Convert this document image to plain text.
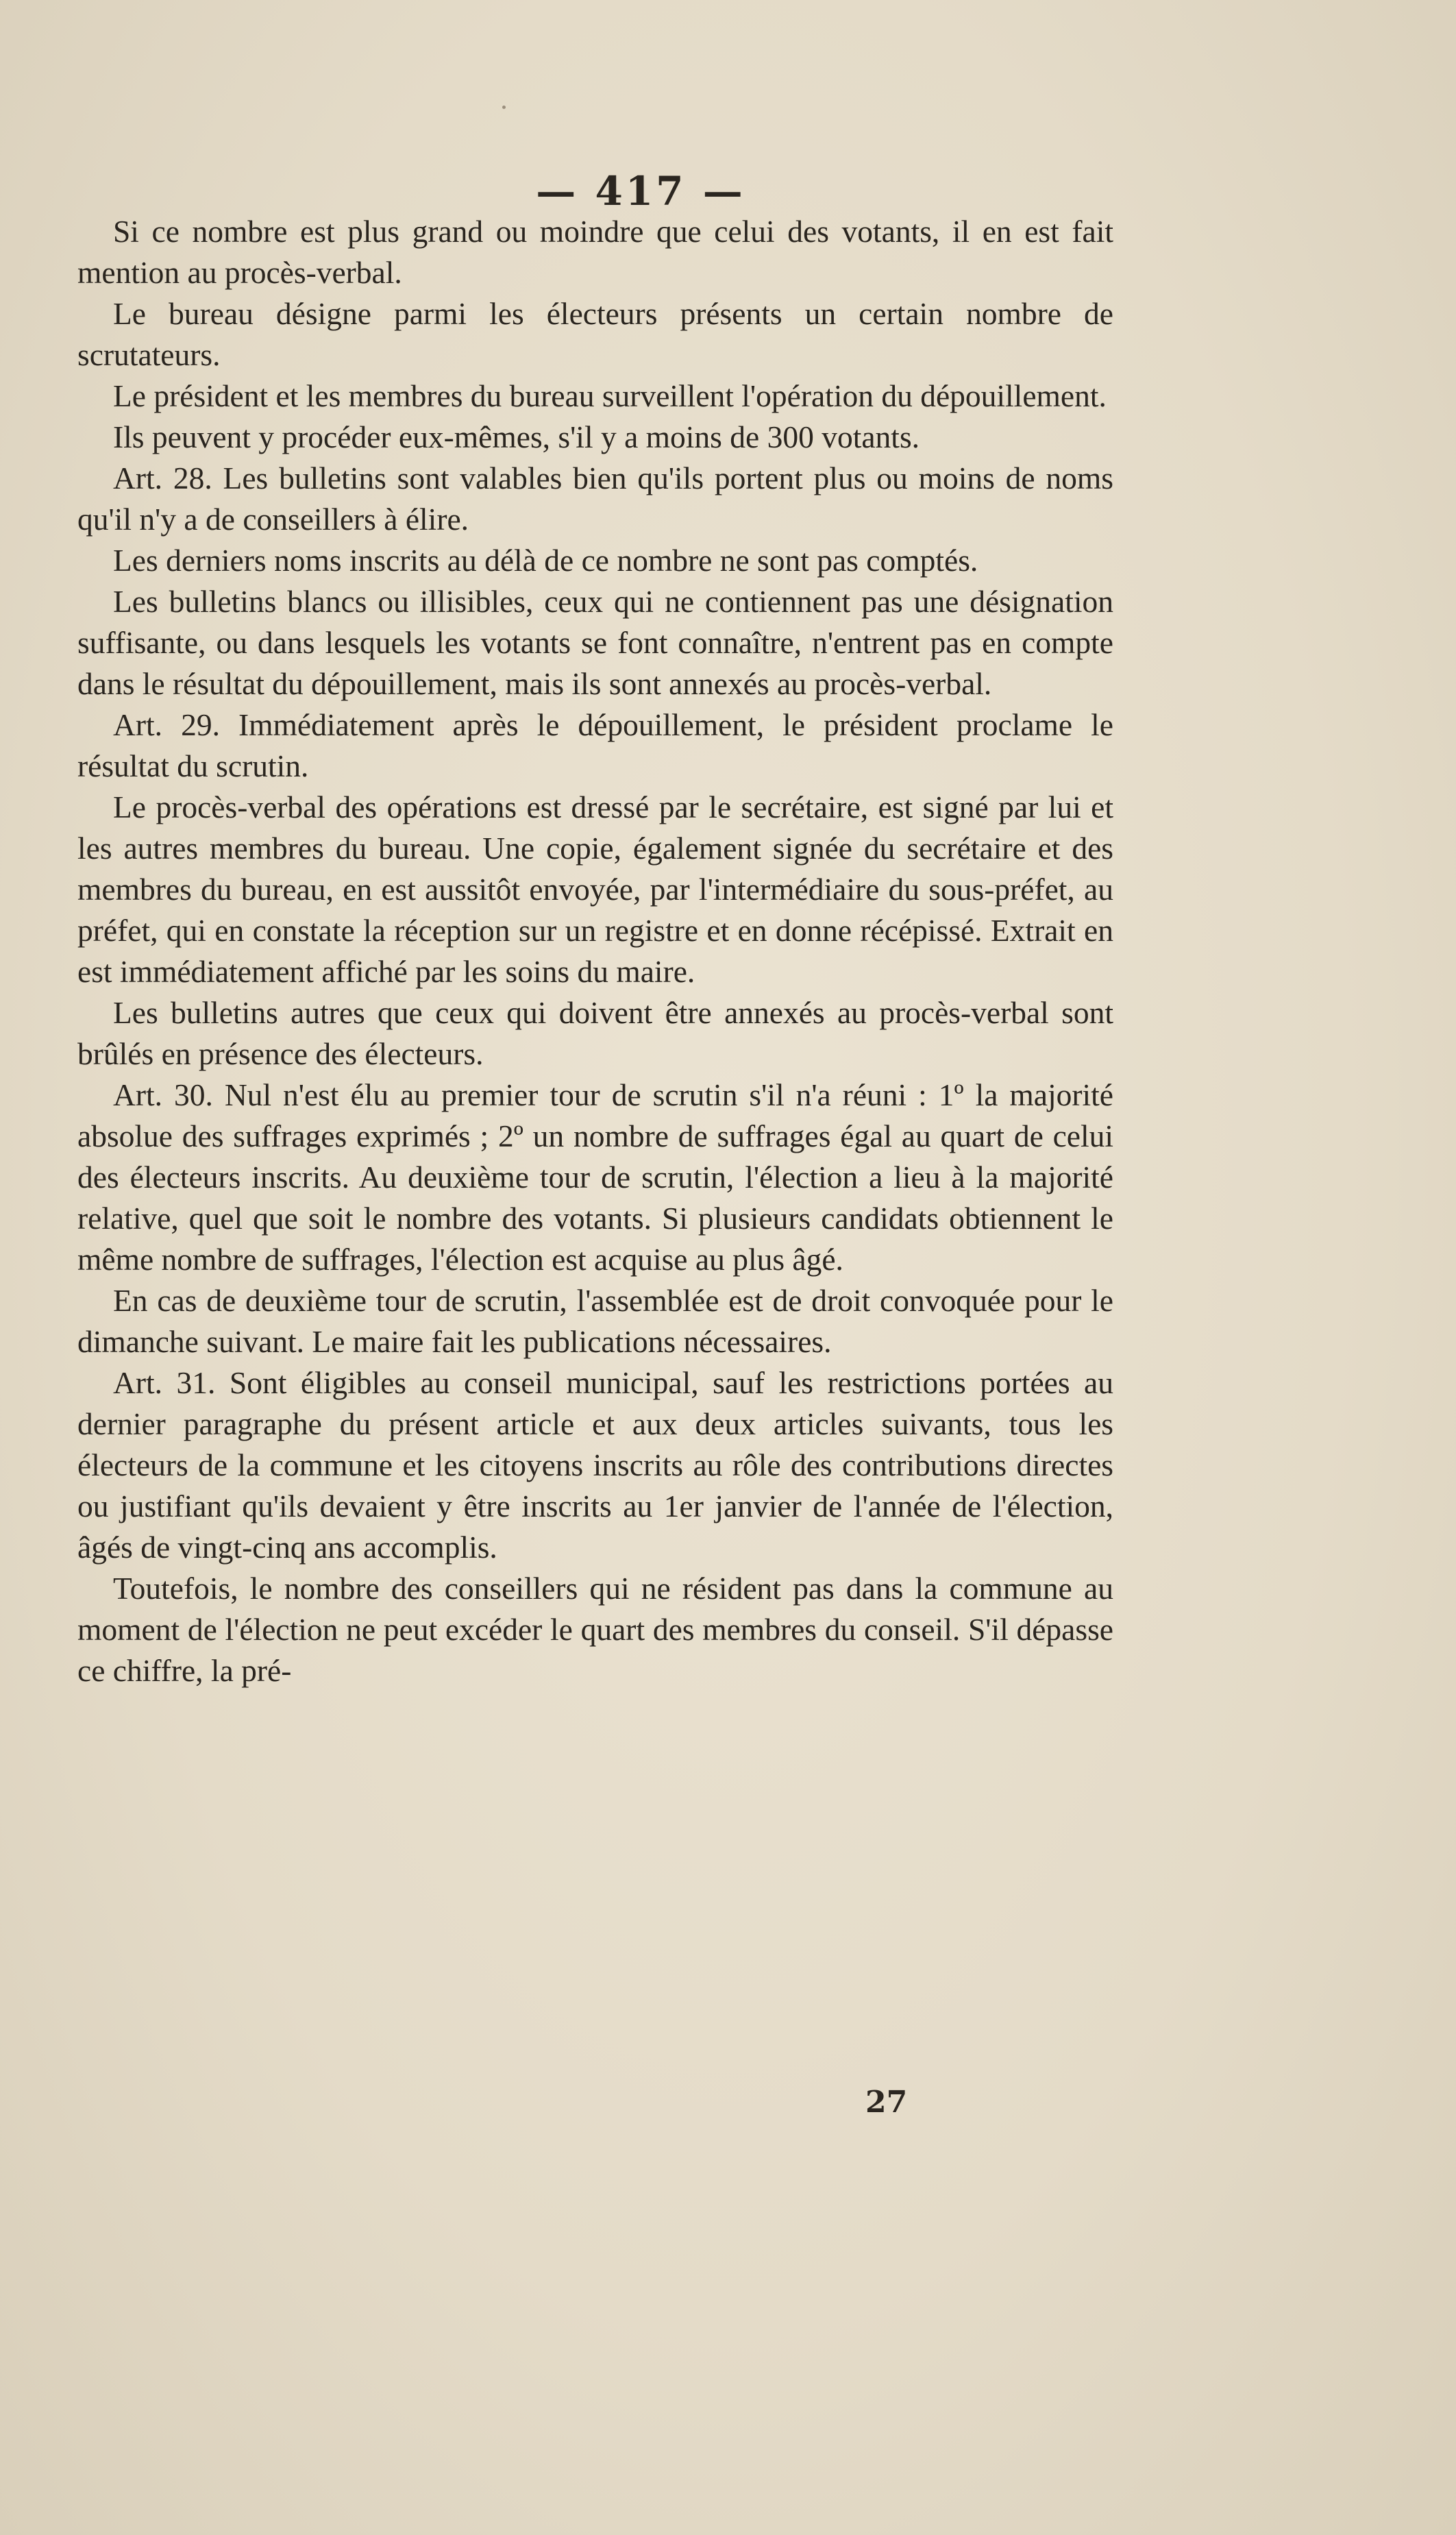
— 417 —

Si ce nombre est plus grand ou moindre que celui des votants, il en est fait mention au procès-verbal.

Le bureau désigne parmi les électeurs présents un certain nombre de scrutateurs.

Le président et les membres du bureau surveillent l'opération du dépouillement.

Ils peuvent y procéder eux-mêmes, s'il y a moins de 300 votants.

Art. 28. Les bulletins sont valables bien qu'ils portent plus ou moins de noms qu'il n'y a de conseillers à élire.

Les derniers noms inscrits au délà de ce nombre ne sont pas comptés.

Les bulletins blancs ou illisibles, ceux qui ne contiennent pas une désignation suffisante, ou dans lesquels les votants se font connaître, n'entrent pas en compte dans le résultat du dépouillement, mais ils sont annexés au procès-verbal.

Art. 29. Immédiatement après le dépouillement, le président proclame le résultat du scrutin.

Le procès-verbal des opérations est dressé par le secrétaire, est signé par lui et les autres membres du bureau. Une copie, également signée du secrétaire et des membres du bureau, en est aussitôt envoyée, par l'intermédiaire du sous-préfet, au préfet, qui en constate la réception sur un registre et en donne récépissé. Extrait en est immédiatement affiché par les soins du maire.

Les bulletins autres que ceux qui doivent être annexés au procès-verbal sont brûlés en présence des électeurs.

Art. 30. Nul n'est élu au premier tour de scrutin s'il n'a réuni : 1º la majorité absolue des suffrages exprimés ; 2º un nombre de suffrages égal au quart de celui des électeurs inscrits. Au deuxième tour de scrutin, l'élection a lieu à la majorité relative, quel que soit le nombre des votants. Si plusieurs candidats obtiennent le même nombre de suffrages, l'élection est acquise au plus âgé.

En cas de deuxième tour de scrutin, l'assemblée est de droit convoquée pour le dimanche suivant. Le maire fait les publications nécessaires.

Art. 31. Sont éligibles au conseil municipal, sauf les restrictions portées au dernier paragraphe du présent article et aux deux articles suivants, tous les électeurs de la commune et les citoyens inscrits au rôle des contributions directes ou justifiant qu'ils devaient y être inscrits au 1er janvier de l'année de l'élection, âgés de vingt-cinq ans accomplis.

Toutefois, le nombre des conseillers qui ne résident pas dans la commune au moment de l'élection ne peut excéder le quart des membres du conseil. S'il dépasse ce chiffre, la pré-

27
